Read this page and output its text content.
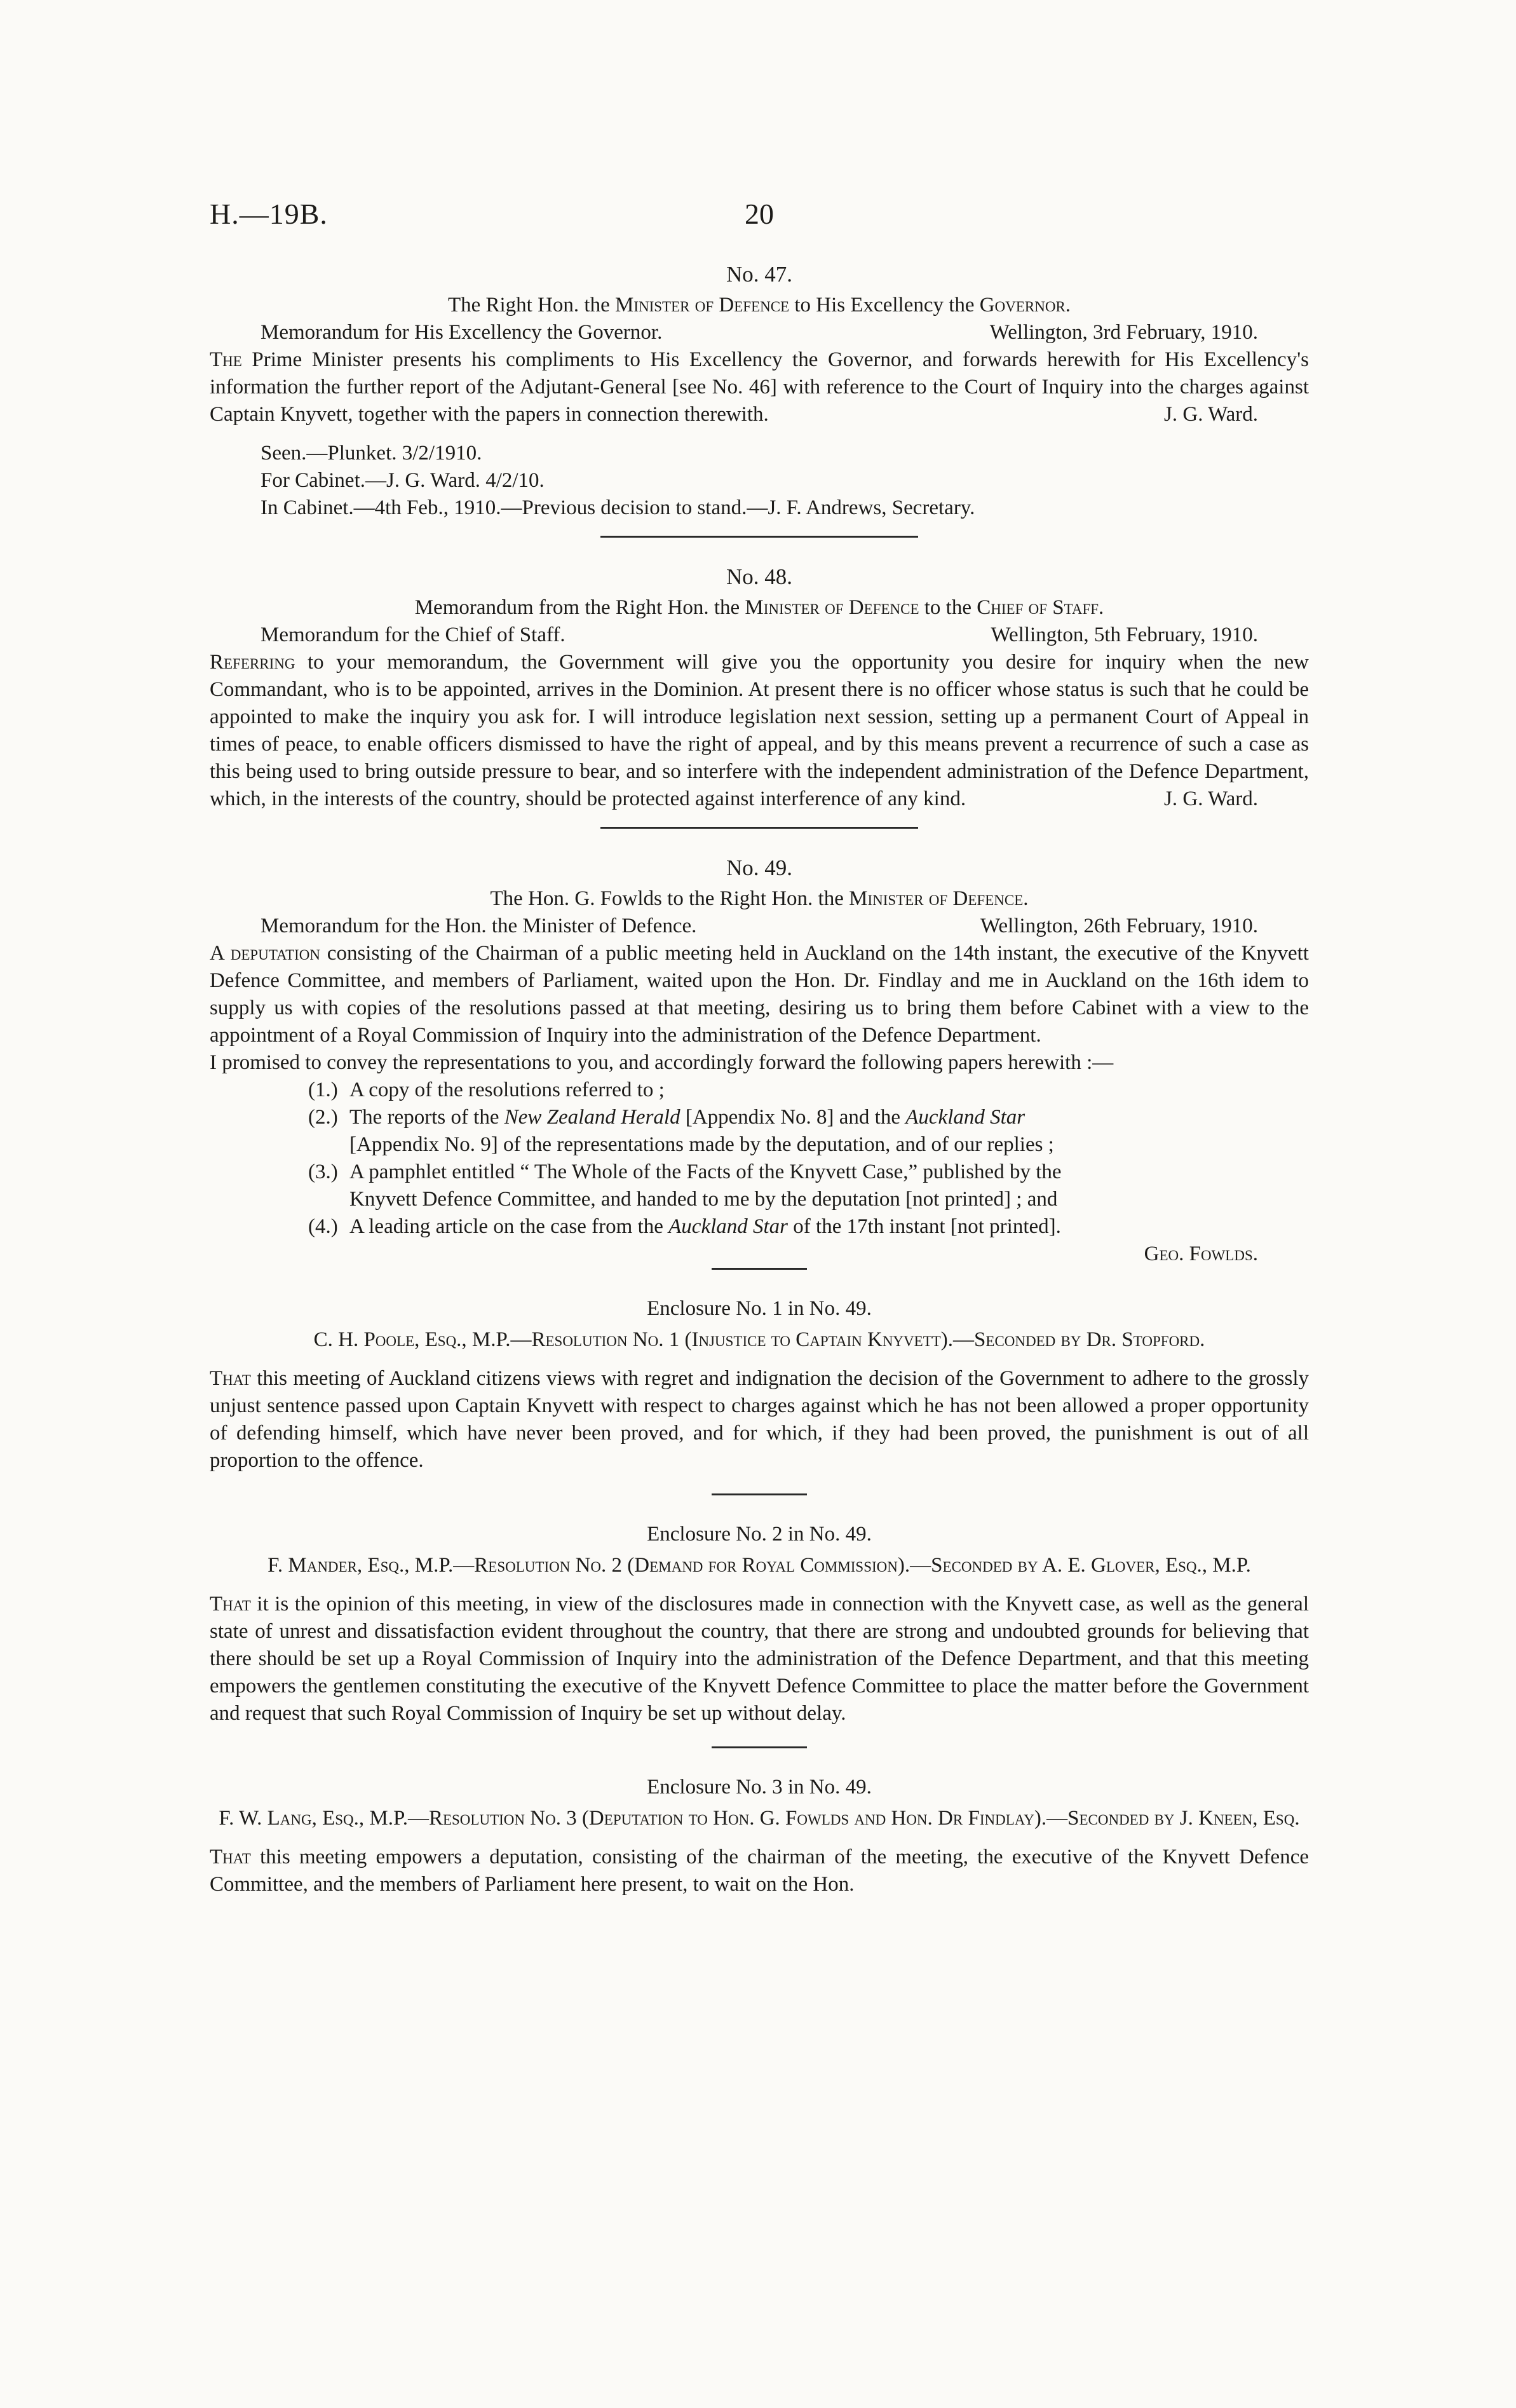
H.—19B.	20

No. 47.

The Right Hon. the Minister of Defence to His Excellency the Governor.

Memorandum for His Excellency the Governor.	Wellington, 3rd February, 1910.

The Prime Minister presents his compliments to His Excellency the Governor, and forwards herewith for His Excellency's information the further report of the Adjutant-General [see No. 46] with reference to the Court of Inquiry into the charges against Captain Knyvett, together with the papers in connection therewith.	J. G. Ward.

Seen.—Plunket. 3/2/1910.

For Cabinet.—J. G. Ward. 4/2/10.

In Cabinet.—4th Feb., 1910.—Previous decision to stand.—J. F. Andrews, Secretary.

No. 48.

Memorandum from the Right Hon. the Minister of Defence to the Chief of Staff.

Memorandum for the Chief of Staff.	Wellington, 5th February, 1910.

Referring to your memorandum, the Government will give you the opportunity you desire for inquiry when the new Commandant, who is to be appointed, arrives in the Dominion. At present there is no officer whose status is such that he could be appointed to make the inquiry you ask for. I will introduce legislation next session, setting up a permanent Court of Appeal in times of peace, to enable officers dismissed to have the right of appeal, and by this means prevent a recurrence of such a case as this being used to bring outside pressure to bear, and so interfere with the independent administration of the Defence Department, which, in the interests of the country, should be protected against interference of any kind.	J. G. Ward.

No. 49.

The Hon. G. Fowlds to the Right Hon. the Minister of Defence.

Memorandum for the Hon. the Minister of Defence.	Wellington, 26th February, 1910.

A deputation consisting of the Chairman of a public meeting held in Auckland on the 14th instant, the executive of the Knyvett Defence Committee, and members of Parliament, waited upon the Hon. Dr. Findlay and me in Auckland on the 16th idem to supply us with copies of the resolutions passed at that meeting, desiring us to bring them before Cabinet with a view to the appointment of a Royal Commission of Inquiry into the administration of the Defence Department.

I promised to convey the representations to you, and accordingly forward the following papers herewith :—

(1.) A copy of the resolutions referred to ;
(2.) The reports of the New Zealand Herald [Appendix No. 8] and the Auckland Star
[Appendix No. 9] of the representations made by the deputation, and of our replies ;
(3.) A pamphlet entitled “ The Whole of the Facts of the Knyvett Case,” published by the
Knyvett Defence Committee, and handed to me by the deputation [not printed] ; and
(4.) A leading article on the case from the Auckland Star of the 17th instant [not printed].

Geo. Fowlds.

Enclosure No. 1 in No. 49.

C. H. Poole, Esq., M.P.—Resolution No. 1 (Injustice to Captain Knyvett).—Seconded by Dr. Stopford.

That this meeting of Auckland citizens views with regret and indignation the decision of the Government to adhere to the grossly unjust sentence passed upon Captain Knyvett with respect to charges against which he has not been allowed a proper opportunity of defending himself, which have never been proved, and for which, if they had been proved, the punishment is out of all proportion to the offence.

Enclosure No. 2 in No. 49.

F. Mander, Esq., M.P.—Resolution No. 2 (Demand for Royal Commission).—Seconded by A. E. Glover, Esq., M.P.

That it is the opinion of this meeting, in view of the disclosures made in connection with the Knyvett case, as well as the general state of unrest and dissatisfaction evident throughout the country, that there are strong and undoubted grounds for believing that there should be set up a Royal Commission of Inquiry into the administration of the Defence Department, and that this meeting empowers the gentlemen constituting the executive of the Knyvett Defence Committee to place the matter before the Government and request that such Royal Commission of Inquiry be set up without delay.

Enclosure No. 3 in No. 49.

F. W. Lang, Esq., M.P.—Resolution No. 3 (Deputation to Hon. G. Fowlds and Hon. Dr Findlay).—Seconded by J. Kneen, Esq.

That this meeting empowers a deputation, consisting of the chairman of the meeting, the executive of the Knyvett Defence Committee, and the members of Parliament here present, to wait on the Hon.
